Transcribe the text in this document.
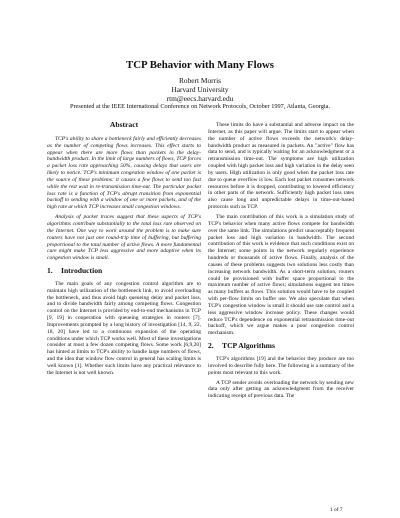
TCP Behavior with Many Flows
Robert Morris
Harvard University
rtm@eecs.harvard.edu
Presented at the IEEE International Conference on Network Protocols, October 1997, Atlanta, Georgia.
Abstract

TCP's ability to share a bottleneck fairly and efficiently decreases as the number of competing flows increases. This effect starts to appear when there are more flows than packets in the delay-bandwidth product. In the limit of large numbers of flows, TCP forces a packet loss rate approaching 50%, causing delays that users are likely to notice. TCP's minimum congestion window of one packet is the source of these problems: it causes a few flows to send too fast while the rest wait in re-transmission time-out. The particular packet loss rate is a function of TCP's abrupt transition from exponential backoff to sending with a window of one or more packets, and of the high rate at which TCP increases small congestion windows.

Analysis of packet traces suggest that these aspects of TCP's algorithms contribute substantially to the total loss rate observed on the Internet. One way to work around the problem is to make sure routers have not just one round-trip time of buffering, but buffering proportional to the total number of active flows. A more fundamental cure might make TCP less aggressive and more adaptive when its congestion window is small.

1. Introduction

The main goals of any congestion control algorithm are to maintain high utilization of the bottleneck link, to avoid overloading the bottleneck, and thus avoid high queueing delay and packet loss, and to divide bandwidth fairly among competing flows. Congestion control on the Internet is provided by end-to-end mechanisms in TCP [9, 19] in cooperation with queueing strategies in routers [7]. Improvements prompted by a long history of investigation [14, 9, 22, 18, 20] have led to a continuous expansion of the operating conditions under which TCP works well. Most of these investigations consider at most a few dozen competing flows. Some work [6,9,20] has hinted at limits to TCP's ability to handle large numbers of flows, and the idea that window flow control in general has scaling limits is well known [1]. Whether such limits have any practical relevance to the Internet is not well known.

These limits do have a substantial and adverse impact on the Internet, as this paper will argue. The limits start to appear when the number of active flows exceeds the network's delay-bandwidth product as measured in packets. An "active" flow has data to send, and is typically waiting for an acknowledgment or a retransmission time-out. The symptoms are high utilization coupled with high packet loss and high variation in the delay seen by users. High utilization is only good when the packet loss rate due to queue overflow is low. Each lost packet consumes network resources before it is dropped, contributing to lowered efficiency in other parts of the network. Sufficiently high packet loss rates also cause long and unpredictable delays in time-out-based protocols such as TCP.

The main contribution of this work is a simulation study of TCP's behavior when many active flows compete for bandwidth over the same link. The simulations predict unacceptably frequent packet loss and high variation in bandwidth. The second contribution of this work is evidence that such conditions exist on the Internet; some points in the network regularly experience hundreds or thousands of active flows. Finally, analysis of the causes of these problems suggests two solutions less costly than increasing network bandwidth. As a short-term solution, routers could be provisioned with buffer space proportional to the maximum number of active flows; simulations suggest ten times as many buffers as flows. This solution would have to be coupled with per-flow limits on buffer use. We also speculate that when TCP's congestion window is small it should use rate control and a less aggressive window increase policy. These changes would reduce TCP's dependence on exponential retransmission time-out backoff, which we argue makes a poor congestion control mechanism.

2. TCP Algorithms

TCP's algorithms [19] and the behavior they produce are too involved to describe fully here. The following is a summary of the points most relevant to this work.

A TCP sender avoids overloading the network by sending new data only after getting an acknowledgment from the receiver indicating receipt of previous data. The

1 of 7
